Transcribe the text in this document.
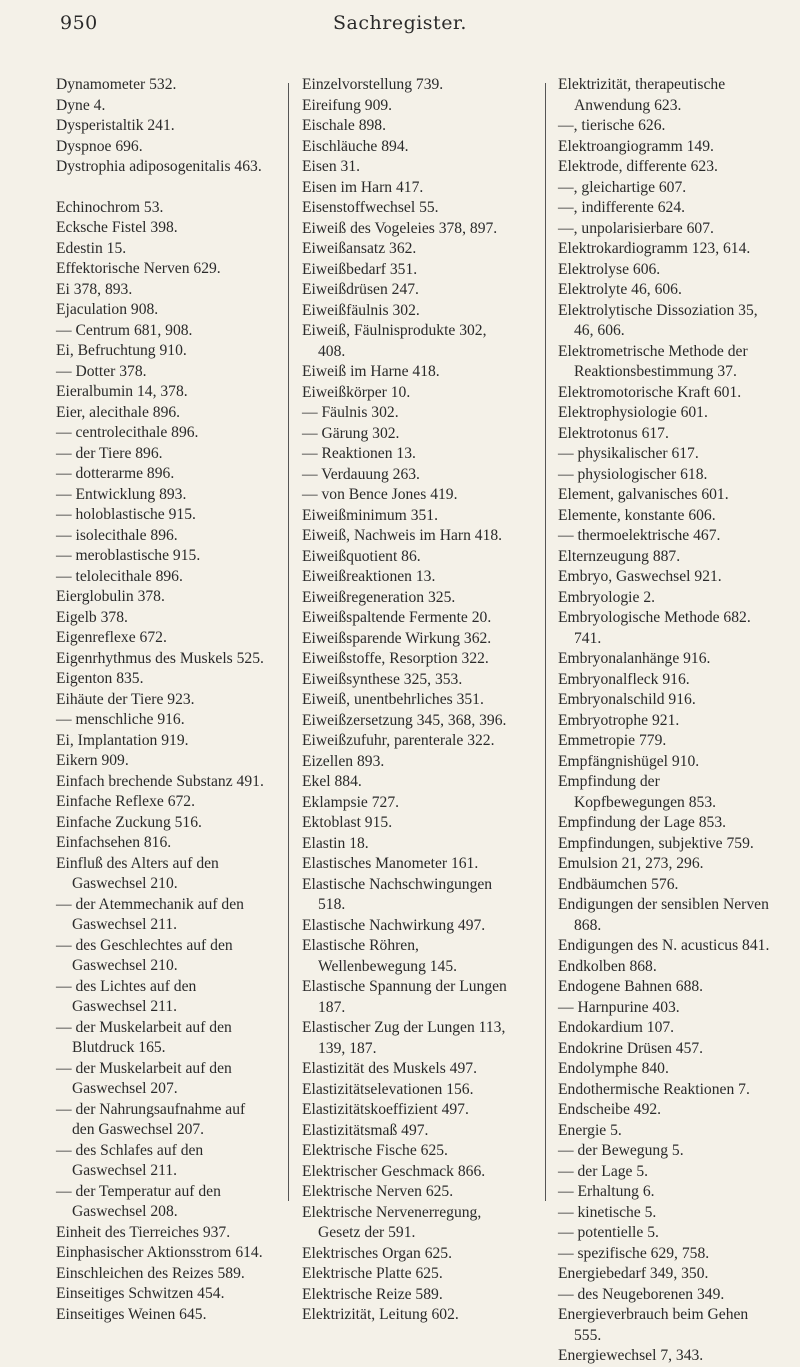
950	Sachregister.

Dynamometer 532.

Dyne 4.

Dysperistaltik 241.

Dyspnoe 696.

Dystrophia adiposogenitalis 463.

Echinochrom 53.

Ecksche Fistel 398.

Edestin 15.

Effektorische Nerven 629.

Ei 378, 893.

Ejaculation 908.

— Centrum 681, 908.

Ei, Befruchtung 910.

— Dotter 378.

Eieralbumin 14, 378.

Eier, alecithale 896.

— centrolecithale 896.

— der Tiere 896.

— dotterarme 896.

— Entwicklung 893.

— holoblastische 915.

— isolecithale 896.

— meroblastische 915.

— telolecithale 896.

Eierglobulin 378.

Eigelb 378.

Eigenreflexe 672.

Eigenrhythmus des Muskels 525.

Eigenton 835.

Eihäute der Tiere 923.

— menschliche 916.

Ei, Implantation 919.

Eikern 909.

Einfach brechende Substanz 491.

Einfache Reflexe 672.

Einfache Zuckung 516.

Einfachsehen 816.

Einfluß des Alters auf den Gaswechsel 210.

— der Atemmechanik auf den Gaswechsel 211.

— des Geschlechtes auf den Gaswechsel 210.

— des Lichtes auf den Gaswechsel 211.

— der Muskelarbeit auf den Blutdruck 165.

— der Muskelarbeit auf den Gaswechsel 207.

— der Nahrungsaufnahme auf den Gaswechsel 207.

— des Schlafes auf den Gaswechsel 211.

— der Temperatur auf den Gaswechsel 208.

Einheit des Tierreiches 937.

Einphasischer Aktionsstrom 614.

Einschleichen des Reizes 589.

Einseitiges Schwitzen 454.

Einseitiges Weinen 645.

Einzelvorstellung 739.

Eireifung 909.

Eischale 898.

Eischläuche 894.

Eisen 31.

Eisen im Harn 417.

Eisenstoffwechsel 55.

Eiweiß des Vogeleies 378, 897.

Eiweißansatz 362.

Eiweißbedarf 351.

Eiweißdrüsen 247.

Eiweißfäulnis 302.

Eiweiß, Fäulnisprodukte 302, 408.

Eiweiß im Harne 418.

Eiweißkörper 10.

— Fäulnis 302.

— Gärung 302.

— Reaktionen 13.

— Verdauung 263.

— von Bence Jones 419.

Eiweißminimum 351.

Eiweiß, Nachweis im Harn 418.

Eiweißquotient 86.

Eiweißreaktionen 13.

Eiweißregeneration 325.

Eiweißspaltende Fermente 20.

Eiweißsparende Wirkung 362.

Eiweißstoffe, Resorption 322.

Eiweißsynthese 325, 353.

Eiweiß, unentbehrliches 351.

Eiweißzersetzung 345, 368, 396.

Eiweißzufuhr, parenterale 322.

Eizellen 893.

Ekel 884.

Eklampsie 727.

Ektoblast 915.

Elastin 18.

Elastisches Manometer 161.

Elastische Nachschwingungen 518.

Elastische Nachwirkung 497.

Elastische Röhren, Wellenbewegung 145.

Elastische Spannung der Lungen 187.

Elastischer Zug der Lungen 113, 139, 187.

Elastizität des Muskels 497.

Elastizitätselevationen 156.

Elastizitätskoeffizient 497.

Elastizitätsmaß 497.

Elektrische Fische 625.

Elektrischer Geschmack 866.

Elektrische Nerven 625.

Elektrische Nervenerregung, Gesetz der 591.

Elektrisches Organ 625.

Elektrische Platte 625.

Elektrische Reize 589.

Elektrizität, Leitung 602.

Elektrizität, therapeutische Anwendung 623.

—, tierische 626.

Elektroangiogramm 149.

Elektrode, differente 623.

—, gleichartige 607.

—, indifferente 624.

—, unpolarisierbare 607.

Elektrokardiogramm 123, 614.

Elektrolyse 606.

Elektrolyte 46, 606.

Elektrolytische Dissoziation 35, 46, 606.

Elektrometrische Methode der Reaktionsbestimmung 37.

Elektromotorische Kraft 601.

Elektrophysiologie 601.

Elektrotonus 617.

— physikalischer 617.

— physiologischer 618.

Element, galvanisches 601.

Elemente, konstante 606.

— thermoelektrische 467.

Elternzeugung 887.

Embryo, Gaswechsel 921.

Embryologie 2.

Embryologische Methode 682. 741.

Embryonalanhänge 916.

Embryonalfleck 916.

Embryonalschild 916.

Embryotrophe 921.

Emmetropie 779.

Empfängnishügel 910.

Empfindung der Kopfbewegungen 853.

Empfindung der Lage 853.

Empfindungen, subjektive 759.

Emulsion 21, 273, 296.

Endbäumchen 576.

Endigungen der sensiblen Nerven 868.

Endigungen des N. acusticus 841.

Endkolben 868.

Endogene Bahnen 688.

— Harnpurine 403.

Endokardium 107.

Endokrine Drüsen 457.

Endolymphe 840.

Endothermische Reaktionen 7.

Endscheibe 492.

Energie 5.

— der Bewegung 5.

— der Lage 5.

— Erhaltung 6.

— kinetische 5.

— potentielle 5.

— spezifische 629, 758.

Energiebedarf 349, 350.

— des Neugeborenen 349.

Energieverbrauch beim Gehen 555.

Energiewechsel 7, 343.
